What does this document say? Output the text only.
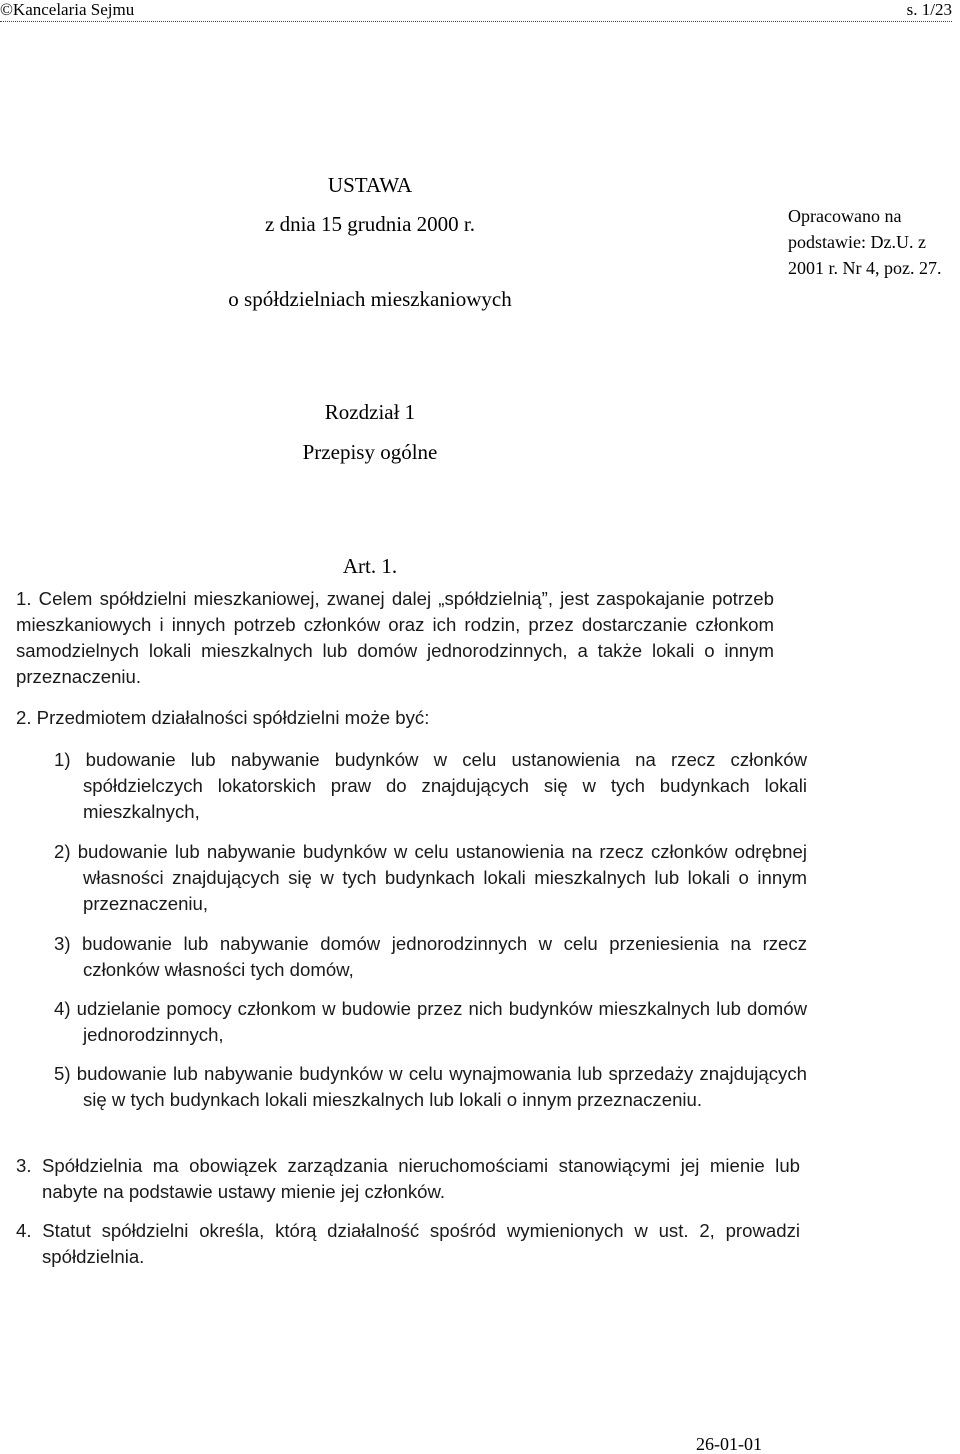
©Kancelaria Sejmu	s. 1/23
USTAWA
z dnia 15 grudnia 2000 r.
o spółdzielniach mieszkaniowych
Opracowano na podstawie: Dz.U. z 2001 r. Nr 4, poz. 27.
Rozdział 1
Przepisy ogólne
Art. 1.
1. Celem spółdzielni mieszkaniowej, zwanej dalej „spółdzielnią”, jest zaspokajanie potrzeb mieszkaniowych i innych potrzeb członków oraz ich rodzin, przez dostarczanie członkom samodzielnych lokali mieszkalnych lub domów jednorodzinnych, a także lokali o innym przeznaczeniu.
2. Przedmiotem działalności spółdzielni może być:
1) budowanie lub nabywanie budynków w celu ustanowienia na rzecz członków spółdzielczych lokatorskich praw do znajdujących się w tych budynkach lokali mieszkalnych,
2) budowanie lub nabywanie budynków w celu ustanowienia na rzecz członków odrębnej własności znajdujących się w tych budynkach lokali mieszkalnych lub lokali o innym przeznaczeniu,
3) budowanie lub nabywanie domów jednorodzinnych w celu przeniesienia na rzecz członków własności tych domów,
4) udzielanie pomocy członkom w budowie przez nich budynków mieszkalnych lub domów jednorodzinnych,
5) budowanie lub nabywanie budynków w celu wynajmowania lub sprzedaży znajdujących się w tych budynkach lokali mieszkalnych lub lokali o innym przeznaczeniu.
3. Spółdzielnia ma obowiązek zarządzania nieruchomościami stanowiącymi jej mienie lub nabyte na podstawie ustawy mienie jej członków.
4. Statut spółdzielni określa, którą działalność spośród wymienionych w ust. 2, prowadzi spółdzielnia.
26-01-01
